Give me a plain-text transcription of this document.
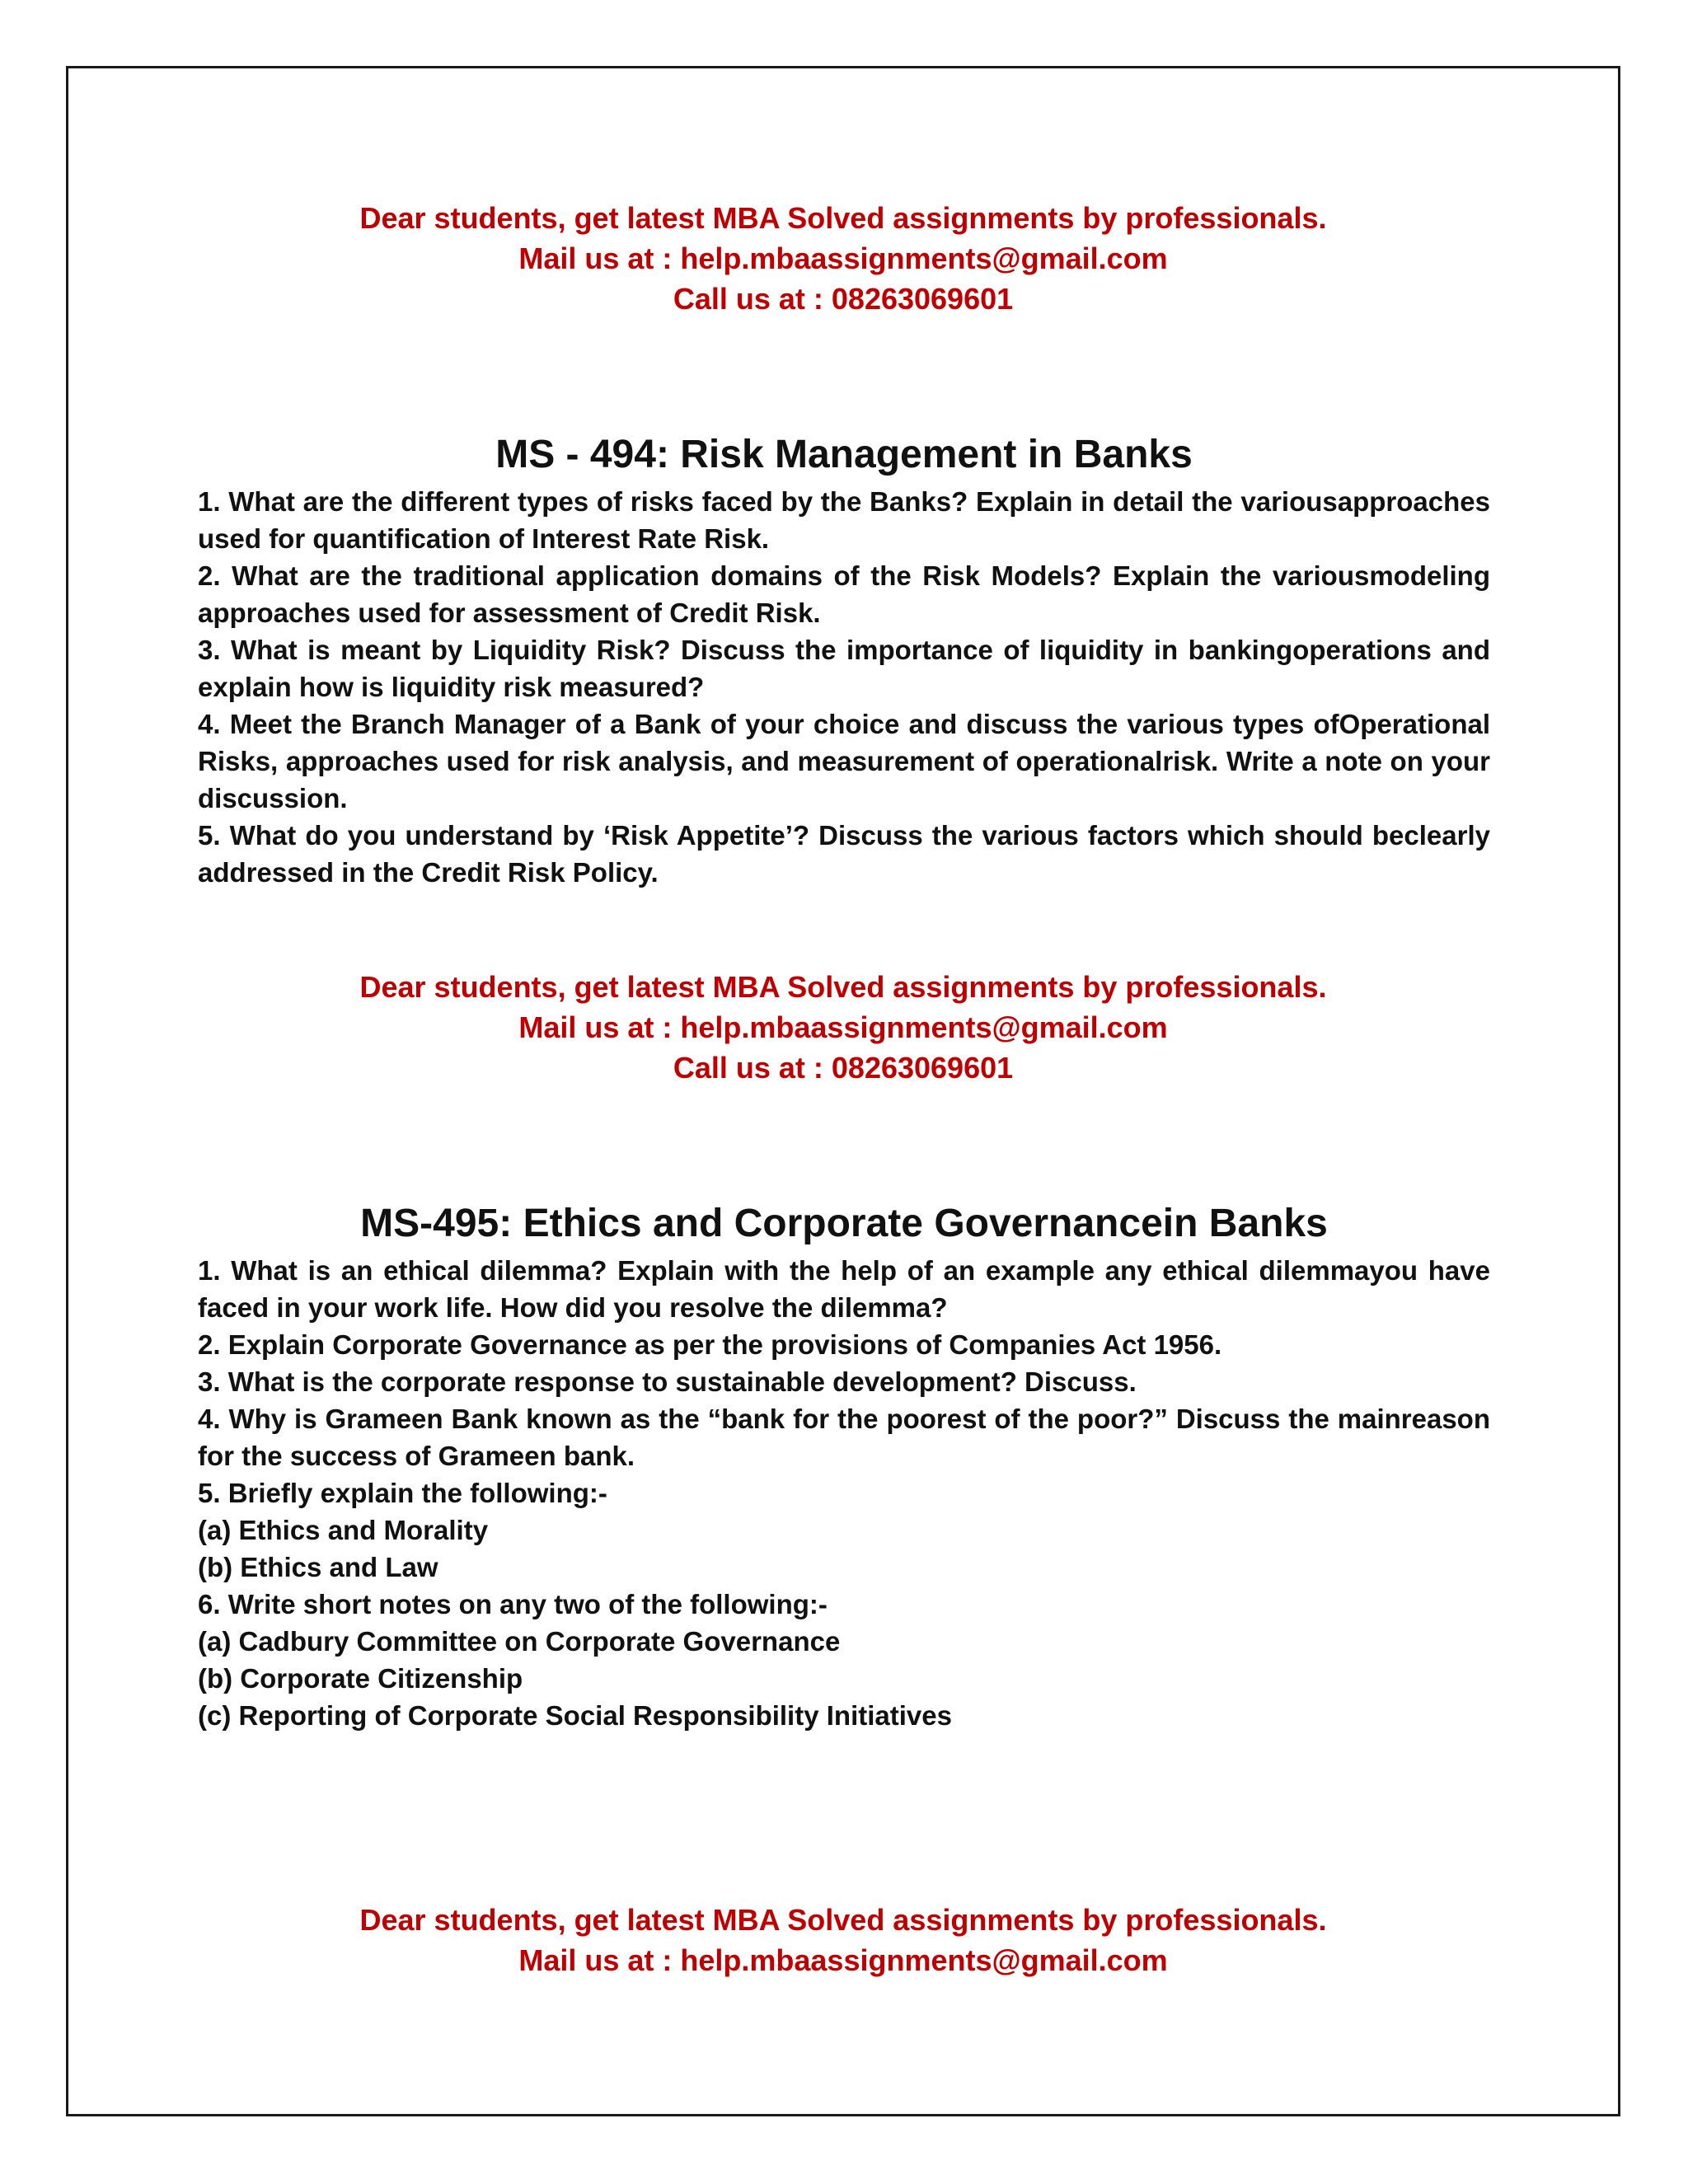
Dear students, get latest MBA Solved assignments by professionals.
Mail us at : help.mbaassignments@gmail.com
Call us at : 08263069601
MS - 494: Risk Management in Banks
1. What are the different types of risks faced by the Banks? Explain in detail the variousapproaches used for quantification of Interest Rate Risk.
2. What are the traditional application domains of the Risk Models? Explain the variousmodeling approaches used for assessment of Credit Risk.
3. What is meant by Liquidity Risk? Discuss the importance of liquidity in bankingoperations and explain how is liquidity risk measured?
4. Meet the Branch Manager of a Bank of your choice and discuss the various types ofOperational Risks, approaches used for risk analysis, and measurement of operationalrisk. Write a note on your discussion.
5. What do you understand by ‘Risk Appetite’? Discuss the various factors which should beclearly addressed in the Credit Risk Policy.
Dear students, get latest MBA Solved assignments by professionals.
Mail us at : help.mbaassignments@gmail.com
Call us at : 08263069601
MS-495: Ethics and Corporate Governancein Banks
1. What is an ethical dilemma? Explain with the help of an example any ethical dilemmayou have faced in your work life. How did you resolve the dilemma?
2. Explain Corporate Governance as per the provisions of Companies Act 1956.
3. What is the corporate response to sustainable development? Discuss.
4. Why is Grameen Bank known as the “bank for the poorest of the poor?” Discuss the mainreason for the success of Grameen bank.
5. Briefly explain the following:-
(a) Ethics and Morality
(b) Ethics and Law
6. Write short notes on any two of the following:-
(a) Cadbury Committee on Corporate Governance
(b) Corporate Citizenship
(c) Reporting of Corporate Social Responsibility Initiatives
Dear students, get latest MBA Solved assignments by professionals.
Mail us at : help.mbaassignments@gmail.com
